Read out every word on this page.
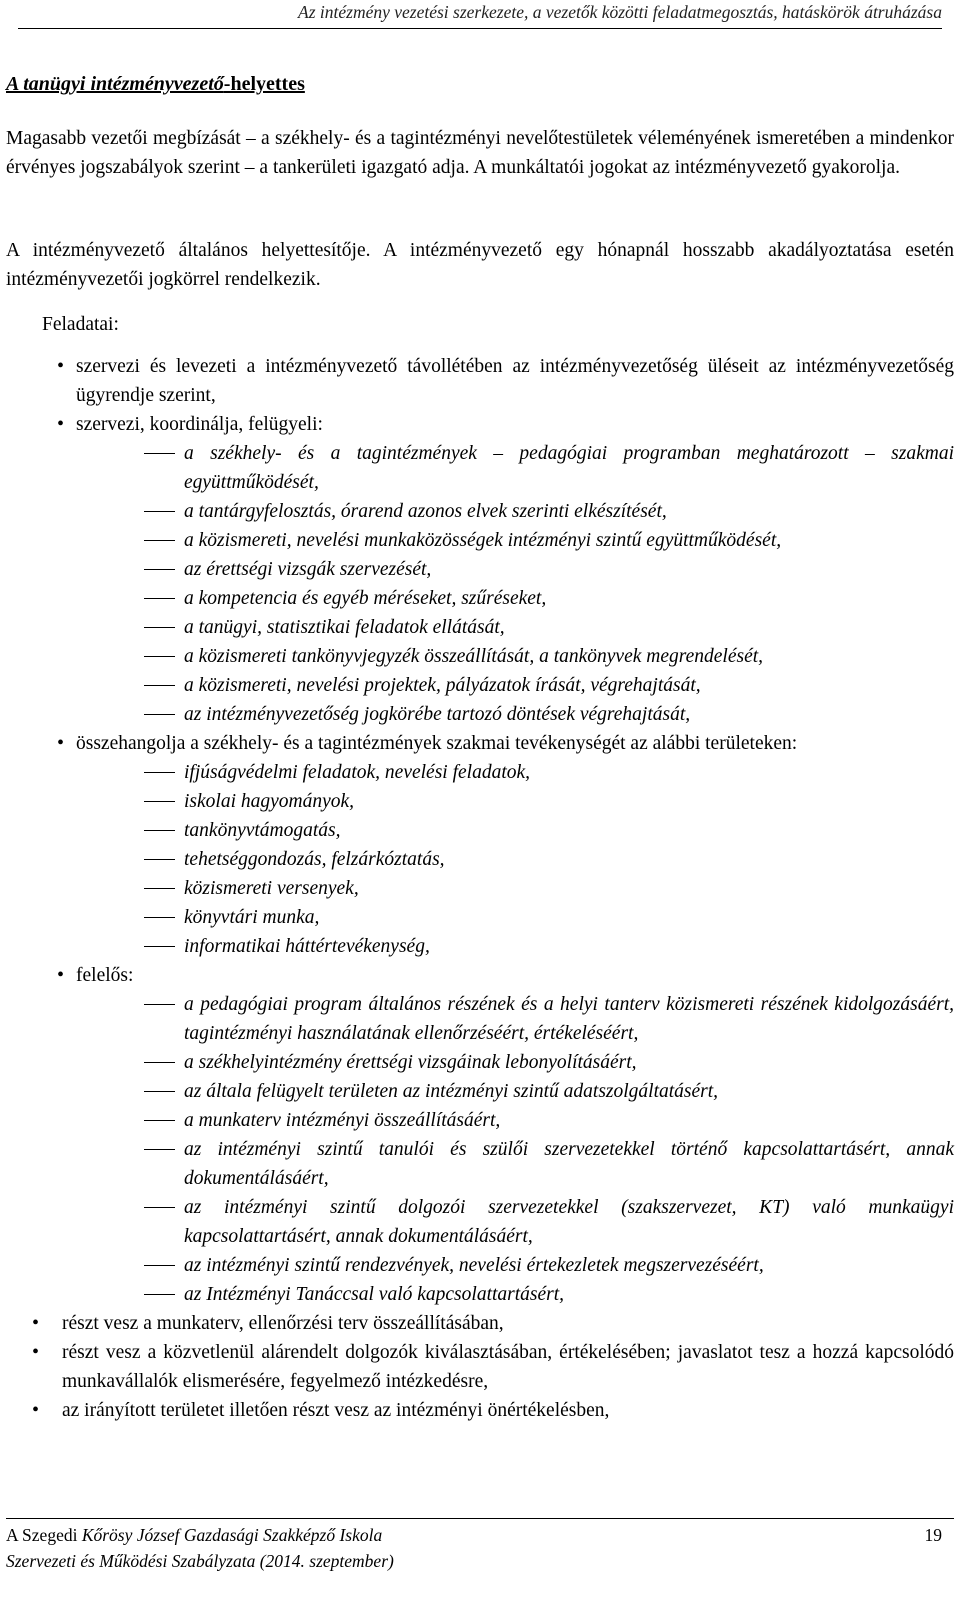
Az intézmény vezetési szerkezete, a vezetők közötti feladatmegosztás, hatáskörök átruházása
A tanügyi intézményvezető-helyettes
Magasabb vezetői megbízását – a székhely- és a tagintézményi nevelőtestületek véleményének ismeretében a mindenkor érvényes jogszabályok szerint – a tankerületi igazgató adja. A munkáltatói jogokat az intézményvezető gyakorolja.
A intézményvezető általános helyettesítője. A intézményvezető egy hónapnál hosszabb akadályoztatása esetén intézményvezetői jogkörrel rendelkezik.
Feladatai:
• szervezi és levezeti a intézményvezető távollétében az intézményvezetőség üléseit az intézményvezetőség ügyrendje szerint,
• szervezi, koordinálja, felügyeli:
a székhely- és a tagintézmények – pedagógiai programban meghatározott – szakmai együttműködését,
a tantárgyfelosztás, órarend azonos elvek szerinti elkészítését,
a közismereti, nevelési munkaközösségek intézményi szintű együttműködését,
az érettségi vizsgák szervezését,
a kompetencia és egyéb méréseket, szűréseket,
a tanügyi, statisztikai feladatok ellátását,
a közismereti tankönyvjegyzék összeállítását, a tankönyvek megrendelését,
a közismereti, nevelési projektek, pályázatok írását, végrehajtását,
az intézményvezetőség jogkörébe tartozó döntések végrehajtását,
• összehangolja a székhely- és a tagintézmények szakmai tevékenységét az alábbi területeken:
ifjúságvédelmi feladatok, nevelési feladatok,
iskolai hagyományok,
tankönyvtámogatás,
tehetséggondozás, felzárkóztatás,
közismereti versenyek,
könyvtári munka,
informatikai háttértevékenység,
• felelős:
a pedagógiai program általános részének és a helyi tanterv közismereti részének kidolgozásáért, tagintézményi használatának ellenőrzéséért, értékeléséért,
a székhelyintézmény érettségi vizsgáinak lebonyolításáért,
az általa felügyelt területen az intézményi szintű adatszolgáltatásért,
a munkaterv intézményi összeállításáért,
az intézményi szintű tanulói és szülői szervezetekkel történő kapcsolattartásért, annak dokumentálásáért,
az intézményi szintű dolgozói szervezetekkel (szakszervezet, KT) való munkaügyi kapcsolattartásért, annak dokumentálásáért,
az intézményi szintű rendezvények, nevelési értekezletek megszervezéséért,
az Intézményi Tanáccsal való kapcsolattartásért,
• részt vesz a munkaterv, ellenőrzési terv összeállításában,
• részt vesz a közvetlenül alárendelt dolgozók kiválasztásában, értékelésében; javaslatot tesz a hozzá kapcsolódó munkavállalók elismerésére, fegyelmező intézkedésre,
• az irányított területet illetően részt vesz az intézményi önértékelésben,
A Szegedi Kőrösy József Gazdasági Szakképző Iskola
Szervezeti és Működési Szabályzata (2014. szeptember)
19
